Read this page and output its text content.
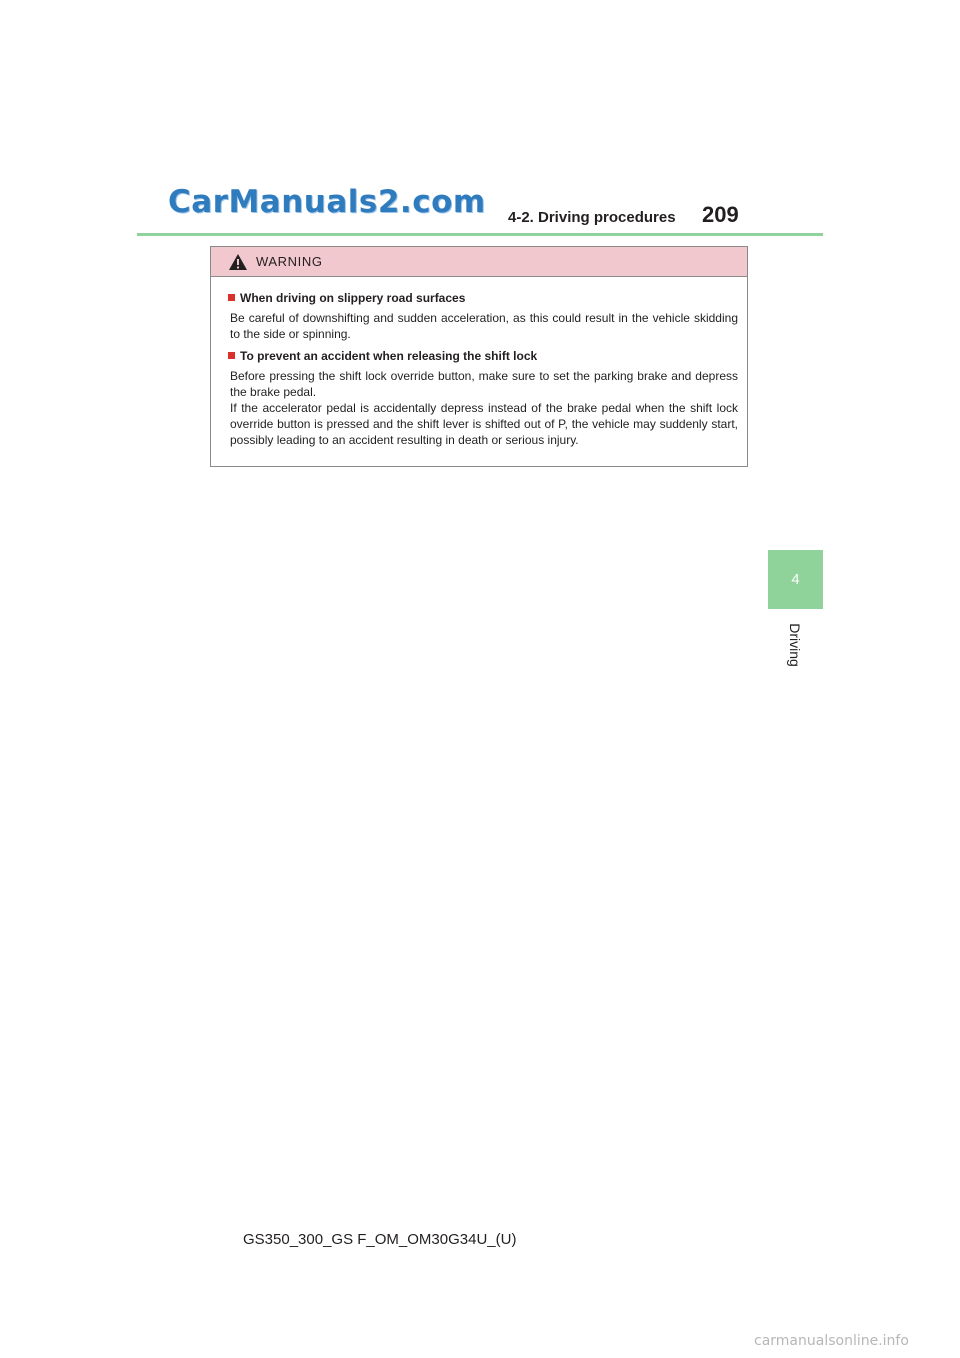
CarManuals2.com 4-2. Driving procedures 209
4
Driving
WARNING
When driving on slippery road surfaces

Be careful of downshifting and sudden acceleration, as this could result in the vehicle skidding to the side or spinning.

To prevent an accident when releasing the shift lock

Before pressing the shift lock override button, make sure to set the parking brake and depress the brake pedal.

If the accelerator pedal is accidentally depress instead of the brake pedal when the shift lock override button is pressed and the shift lever is shifted out of P, the vehicle may suddenly start, possibly leading to an accident resulting in death or serious injury.

GS350_300_GS F_OM_OM30G34U_(U)
carmanualsonline.info
